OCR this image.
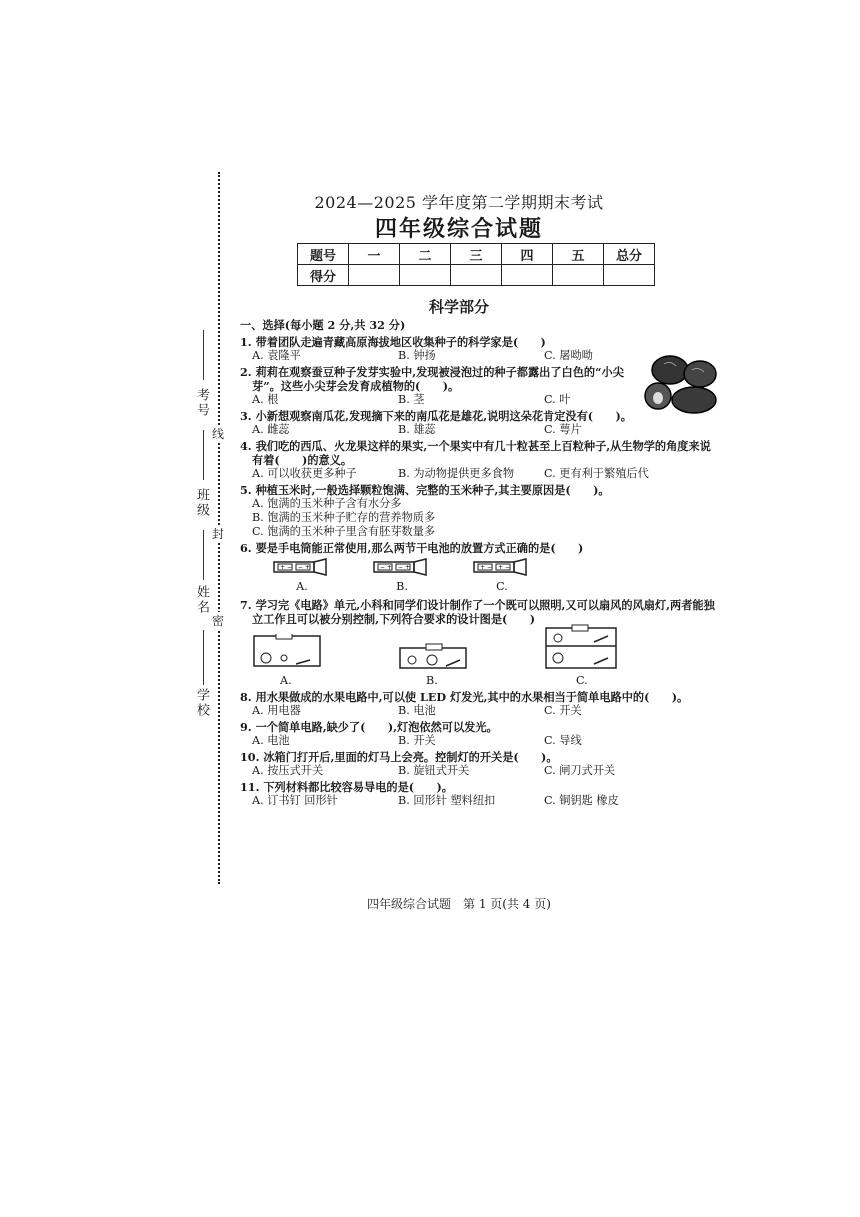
考号
班级
姓名
学校
线
封
密
2024—2025 学年度第二学期期末考试
四年级综合试题
题号	一	二	三	四	五	总分
得分						
科学部分
一、选择(每小题 2 分,共 32 分)
1. 带着团队走遍青藏高原海拔地区收集种子的科学家是(　　)
A. 袁隆平	B. 钟扬	C. 屠呦呦
2. 莉莉在观察蚕豆种子发芽实验中,发现被浸泡过的种子都露出了白色的“小尖
芽”。这些小尖芽会发育成植物的(　　)。
A. 根	B. 茎	C. 叶
3. 小新想观察南瓜花,发现摘下来的南瓜花是雄花,说明这朵花肯定没有(　　)。
A. 雌蕊	B. 雄蕊	C. 萼片
4. 我们吃的西瓜、火龙果这样的果实,一个果实中有几十粒甚至上百粒种子,从生物学的角度来说
有着(　　)的意义。
A. 可以收获更多种子	B. 为动物提供更多食物	C. 更有利于繁殖后代
5. 种植玉米时,一般选择颗粒饱满、完整的玉米种子,其主要原因是(　　)。
A. 饱满的玉米种子含有水分多
B. 饱满的玉米种子贮存的营养物质多
C. 饱满的玉米种子里含有胚芽数量多
6. 要是手电筒能正常使用,那么两节干电池的放置方式正确的是(　　)
+ − − +
A.
− + − +
B.
+ − + −
C.
7. 学习完《电路》单元,小科和同学们设计制作了一个既可以照明,又可以扇风的风扇灯,两者能独
立工作且可以被分别控制,下列符合要求的设计图是(　　)
A.	B.	C.
8. 用水果做成的水果电路中,可以使 LED 灯发光,其中的水果相当于简单电路中的(　　)。
A. 用电器	B. 电池	C. 开关
9. 一个简单电路,缺少了(　　),灯泡依然可以发光。
A. 电池	B. 开关	C. 导线
10. 冰箱门打开后,里面的灯马上会亮。控制灯的开关是(　　)。
A. 按压式开关	B. 旋钮式开关	C. 闸刀式开关
11. 下列材料都比较容易导电的是(　　)。
A. 订书钉 回形针	B. 回形针 塑料纽扣	C. 铜钥匙 橡皮
四年级综合试题　第 1 页(共 4 页)
